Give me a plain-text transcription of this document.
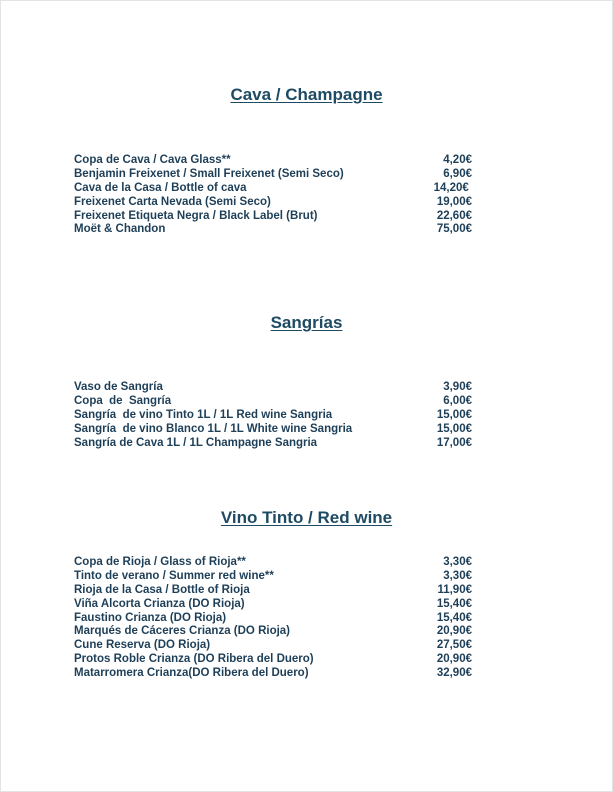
Cava / Champagne
Copa de Cava / Cava Glass**	4,20€
Benjamin Freixenet / Small Freixenet (Semi Seco)	6,90€
Cava de la Casa / Bottle of cava	14,20€
Freixenet Carta Nevada (Semi Seco)	19,00€
Freixenet Etiqueta Negra / Black Label (Brut)	22,60€
Moët & Chandon	75,00€
Sangrías
Vaso de Sangría	3,90€
Copa  de  Sangría	6,00€
Sangría  de vino Tinto 1L / 1L Red wine Sangria	15,00€
Sangría  de vino Blanco 1L / 1L White wine Sangria	15,00€
Sangría de Cava 1L / 1L Champagne Sangria	17,00€
Vino Tinto / Red wine
Copa de Rioja / Glass of Rioja**	3,30€
Tinto de verano / Summer red wine**	3,30€
Rioja de la Casa / Bottle of Rioja	11,90€
Viña Alcorta Crianza (DO Rioja)	15,40€
Faustino Crianza (DO Rioja)	15,40€
Marqués de Cáceres Crianza (DO Rioja)	20,90€
Cune Reserva (DO Rioja)	27,50€
Protos Roble Crianza (DO Ribera del Duero)	20,90€
Matarromera Crianza(DO Ribera del Duero)	32,90€
